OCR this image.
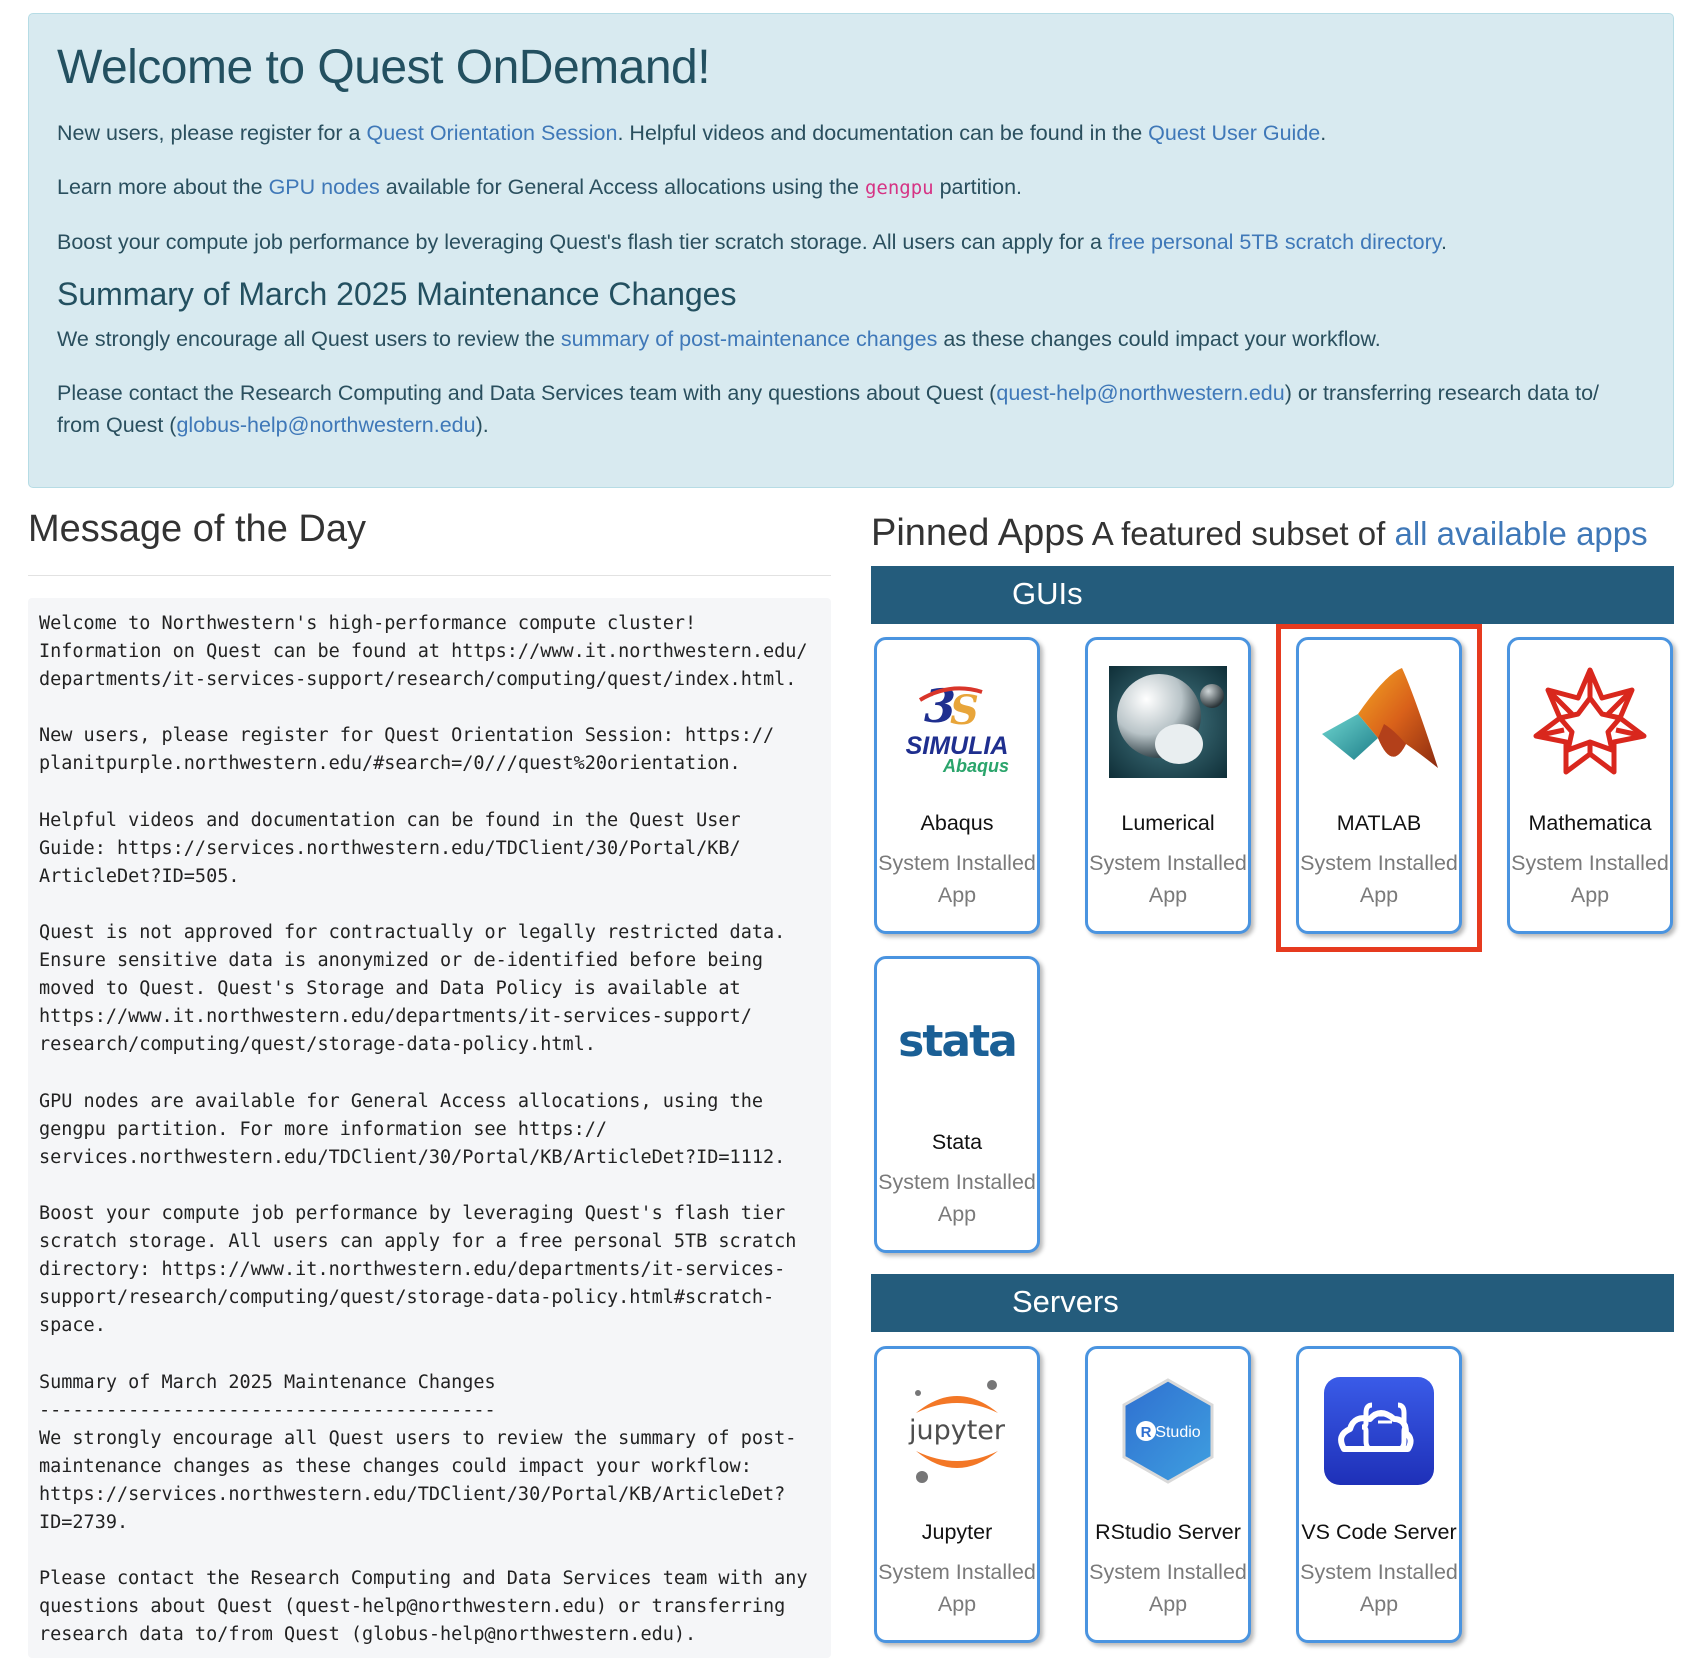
Welcome to Quest OnDemand!

New users, please register for a Quest Orientation Session. Helpful videos and documentation can be found in the Quest User Guide.

Learn more about the GPU nodes available for General Access allocations using the gengpu partition.

Boost your compute job performance by leveraging Quest's flash tier scratch storage. All users can apply for a free personal 5TB scratch directory.

Summary of March 2025 Maintenance Changes

We strongly encourage all Quest users to review the summary of post-maintenance changes as these changes could impact your workflow.

Please contact the Research Computing and Data Services team with any questions about Quest (quest-help@northwestern.edu) or transferring research data to/
from Quest (globus-help@northwestern.edu).

Message of the Day
Welcome to Northwestern's high-performance compute cluster!
Information on Quest can be found at https://www.it.northwestern.edu/
departments/it-services-support/research/computing/quest/index.html.

New users, please register for Quest Orientation Session: https://
planitpurple.northwestern.edu/#search=/0///quest%20orientation.

Helpful videos and documentation can be found in the Quest User
Guide: https://services.northwestern.edu/TDClient/30/Portal/KB/
ArticleDet?ID=505.

Quest is not approved for contractually or legally restricted data.
Ensure sensitive data is anonymized or de-identified before being
moved to Quest. Quest's Storage and Data Policy is available at
https://www.it.northwestern.edu/departments/it-services-support/
research/computing/quest/storage-data-policy.html.

GPU nodes are available for General Access allocations, using the
gengpu partition. For more information see https://
services.northwestern.edu/TDClient/30/Portal/KB/ArticleDet?ID=1112.

Boost your compute job performance by leveraging Quest's flash tier
scratch storage. All users can apply for a free personal 5TB scratch
directory: https://www.it.northwestern.edu/departments/it-services-
support/research/computing/quest/storage-data-policy.html#scratch-
space.

Summary of March 2025 Maintenance Changes
-----------------------------------------
We strongly encourage all Quest users to review the summary of post-
maintenance changes as these changes could impact your workflow:
https://services.northwestern.edu/TDClient/30/Portal/KB/ArticleDet?
ID=2739.

Please contact the Research Computing and Data Services team with any
questions about Quest (quest-help@northwestern.edu) or transferring
research data to/from Quest (globus-help@northwestern.edu).
Pinned Apps A featured subset of all available apps
GUIs
3
S
SIMULIA
Abaqus
Abaqus
System Installed
App
Lumerical
System Installed
App
MATLAB
System Installed
App
Mathematica
System Installed
App
stata
Stata
System Installed
App
Servers
jupyter
Jupyter
System Installed
App
R Studio
RStudio Server
System Installed
App
VS Code Server
System Installed
App
